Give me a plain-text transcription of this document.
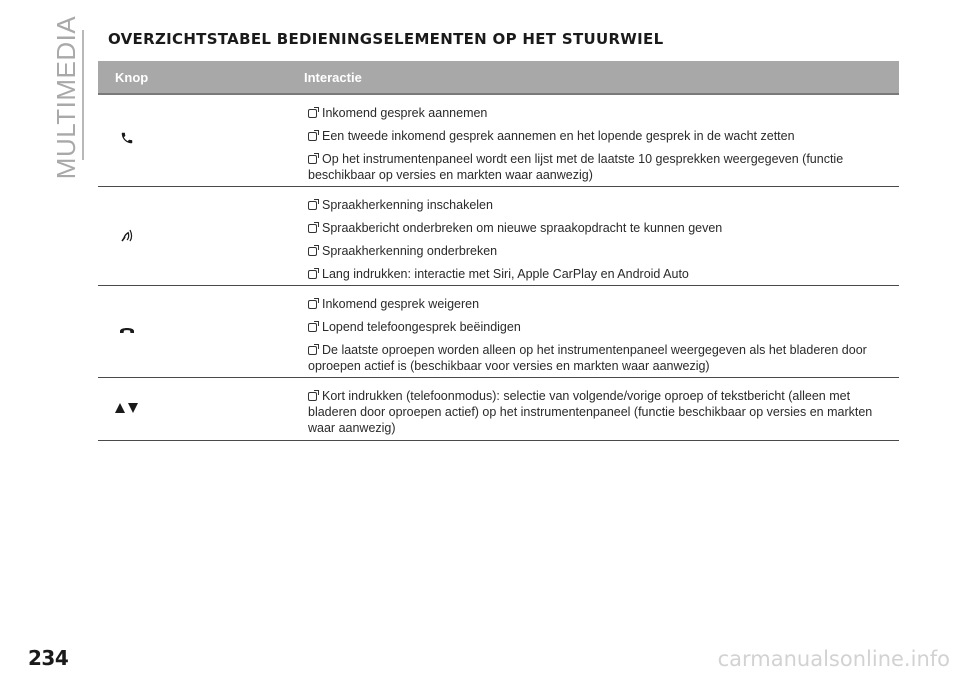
MULTIMEDIA OVERZICHTSTABEL BEDIENINGSELEMENTEN OP HET STUURWIEL
Knop	Interactie
Inkomend gesprek aannemen
Een tweede inkomend gesprek aannemen en het lopende gesprek in de wacht zetten
Op het instrumentenpaneel wordt een lijst met de laatste 10 gesprekken weergegeven (functie beschikbaar op versies en markten waar aanwezig)
Spraakherkenning inschakelen
Spraakbericht onderbreken om nieuwe spraakopdracht te kunnen geven
Spraakherkenning onderbreken
Lang indrukken: interactie met Siri, Apple CarPlay en Android Auto
Inkomend gesprek weigeren
Lopend telefoongesprek beëindigen
De laatste oproepen worden alleen op het instrumentenpaneel weergegeven als het bladeren door oproepen actief is (beschikbaar voor versies en markten waar aanwezig)
Kort indrukken (telefoonmodus): selectie van volgende/vorige oproep of tekstbericht (alleen met bladeren door oproepen actief) op het instrumentenpaneel (functie beschikbaar op versies en markten waar aanwezig)
234	carmanualsonline.info
